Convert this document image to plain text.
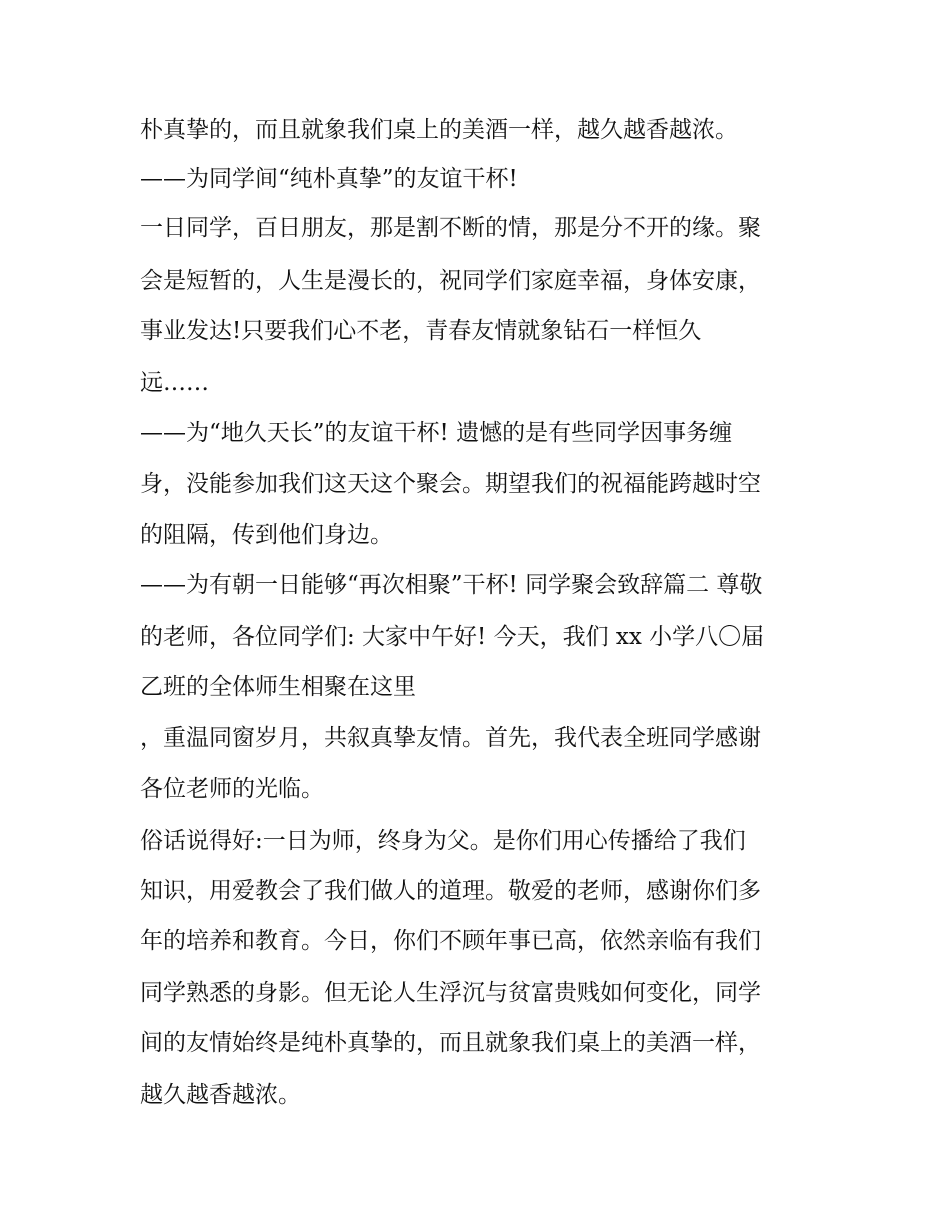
朴真挚的，而且就象我们桌上的美酒一样，越久越香越浓。

——为同学间“纯朴真挚”的友谊干杯!

一日同学，百日朋友，那是割不断的情，那是分不开的缘。聚

会是短暂的，人生是漫长的，祝同学们家庭幸福，身体安康，

事业发达!只要我们心不老，青春友情就象钻石一样恒久

远……

——为“地久天长”的友谊干杯! 遗憾的是有些同学因事务缠

身，没能参加我们这天这个聚会。期望我们的祝福能跨越时空

的阻隔，传到他们身边。

——为有朝一日能够“再次相聚”干杯! 同学聚会致辞篇二 尊敬

的老师，各位同学们: 大家中午好! 今天，我们 xx 小学八〇届

乙班的全体师生相聚在这里

，重温同窗岁月，共叙真挚友情。首先，我代表全班同学感谢

各位老师的光临。

俗话说得好:一日为师，终身为父。是你们用心传播给了我们

知识，用爱教会了我们做人的道理。敬爱的老师，感谢你们多

年的培养和教育。今日，你们不顾年事已高，依然亲临有我们

同学熟悉的身影。但无论人生浮沉与贫富贵贱如何变化，同学

间的友情始终是纯朴真挚的，而且就象我们桌上的美酒一样，

越久越香越浓。
